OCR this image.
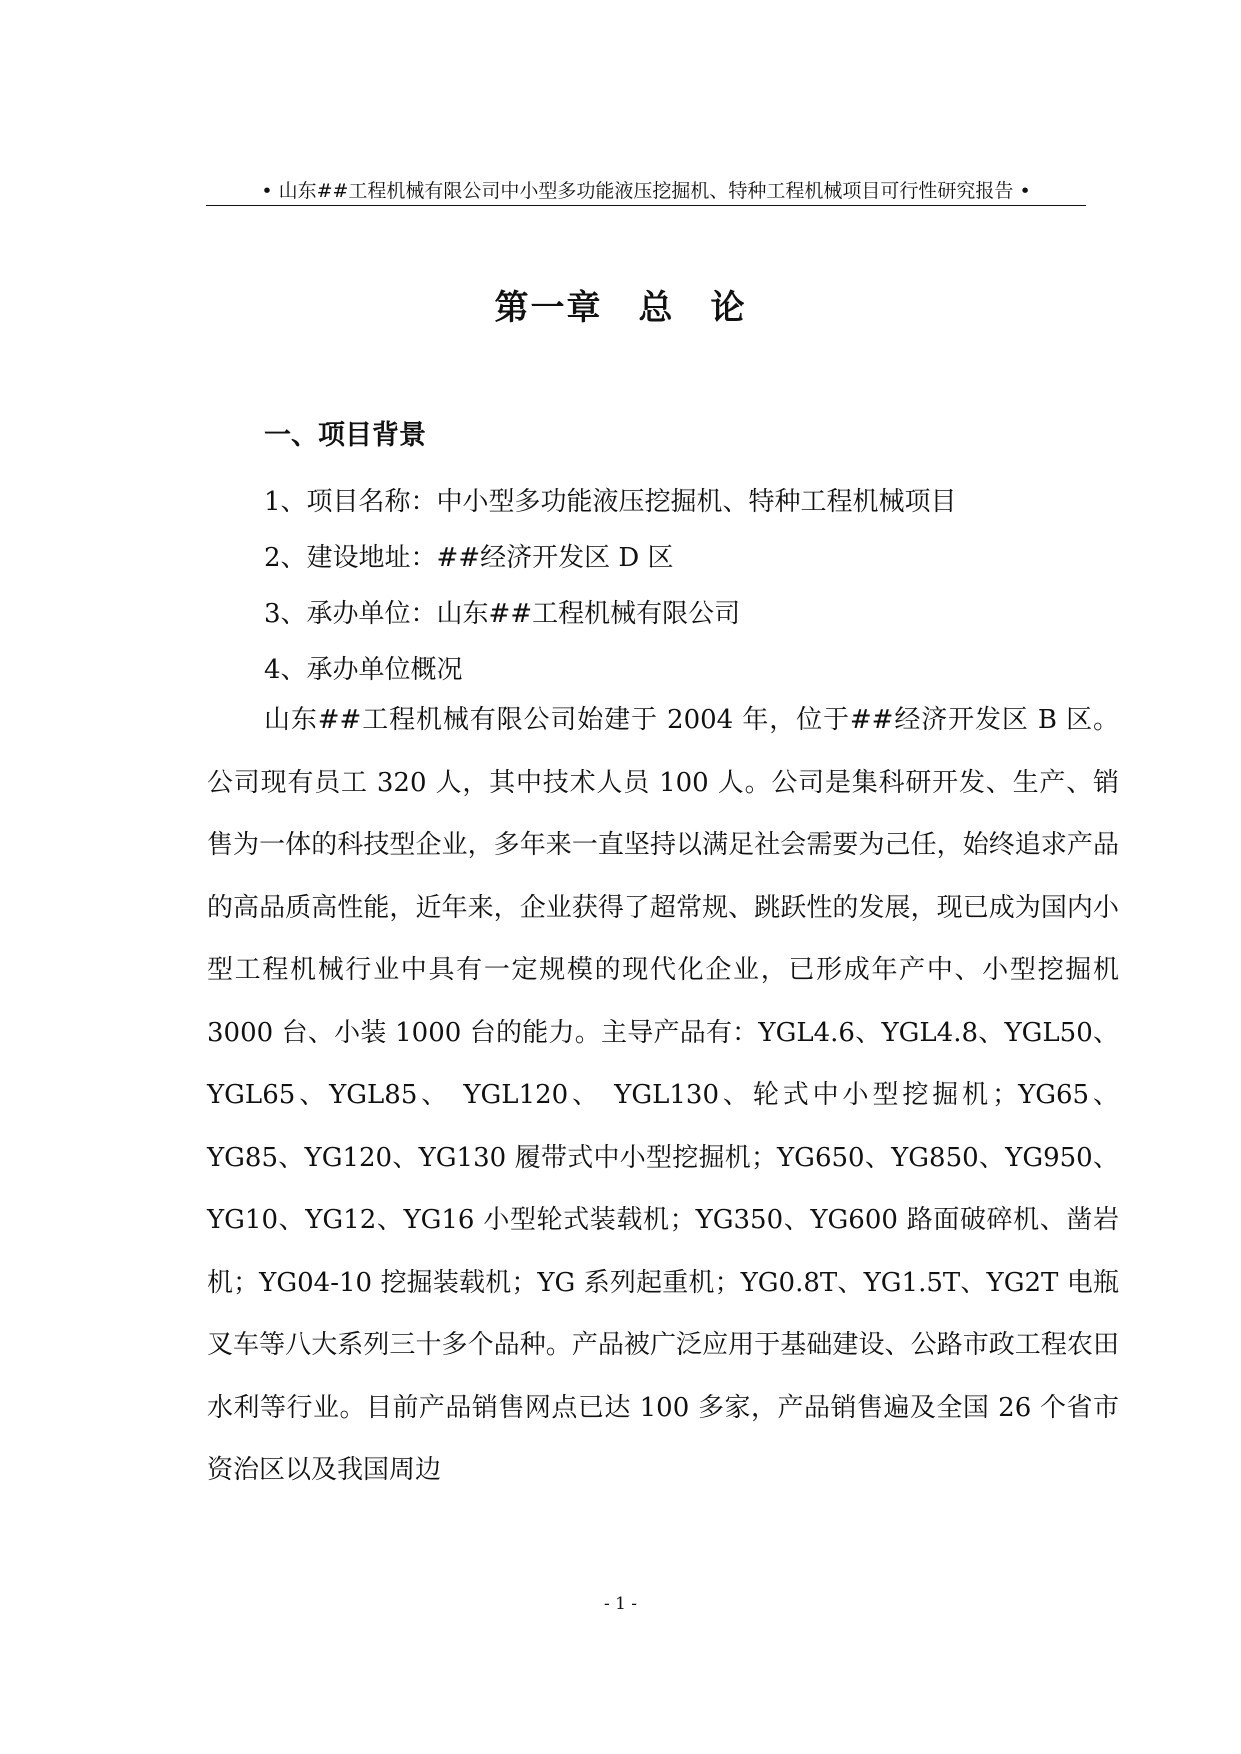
• 山东##工程机械有限公司中小型多功能液压挖掘机、特种工程机械项目可行性研究报告 •
第一章　总　论
一、项目背景
1、项目名称：中小型多功能液压挖掘机、特种工程机械项目
2、建设地址：##经济开发区 D 区
3、承办单位：山东##工程机械有限公司
4、承办单位概况

山东##工程机械有限公司始建于 2004 年，位于##经济开发区 B 区。公司现有员工 320 人，其中技术人员 100 人。公司是集科研开发、生产、销售为一体的科技型企业，多年来一直坚持以满足社会需要为己任，始终追求产品的高品质高性能，近年来，企业获得了超常规、跳跃性的发展，现已成为国内小型工程机械行业中具有一定规模的现代化企业，已形成年产中、小型挖掘机 3000 台、小装 1000 台的能力。主导产品有：YGL4.6、YGL4.8、YGL50、YGL65、YGL85、 YGL120、 YGL130、轮式中小型挖掘机；YG65、YG85、YG120、YG130 履带式中小型挖掘机；YG650、YG850、YG950、YG10、YG12、YG16 小型轮式装载机；YG350、YG600 路面破碎机、凿岩机；YG04-10 挖掘装载机；YG 系列起重机；YG0.8T、YG1.5T、YG2T 电瓶叉车等八大系列三十多个品种。产品被广泛应用于基础建设、公路市政工程农田水利等行业。目前产品销售网点已达 100 多家，产品销售遍及全国 26 个省市资治区以及我国周边

- 1 -
